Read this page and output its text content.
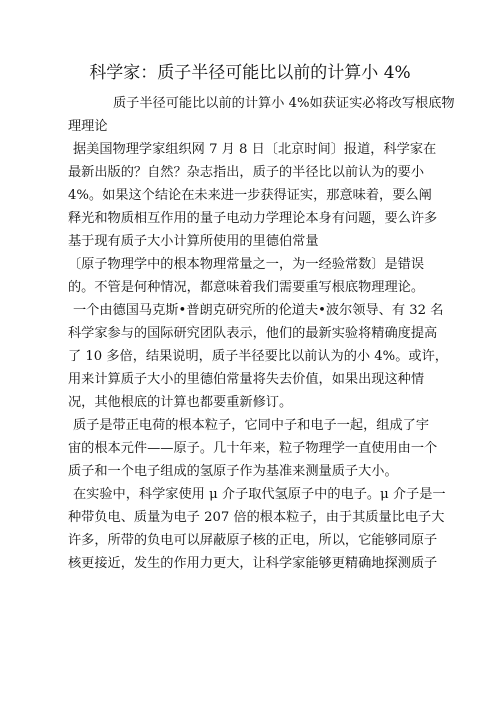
科学家：质子半径可能比以前的计算小 4%
质子半径可能比以前的计算小 4%如获证实必将改写根底物
理理论
据美国物理学家组织网 7 月 8 日〔北京时间〕报道，科学家在
最新出版的？自然？杂志指出，质子的半径比以前认为的要小
4%。如果这个结论在未来进一步获得证实，那意味着，要么阐
释光和物质相互作用的量子电动力学理论本身有问题，要么许多
基于现有质子大小计算所使用的里德伯常量
〔原子物理学中的根本物理常量之一，为一经验常数〕是错误
的。不管是何种情况，都意味着我们需要重写根底物理理论。
一个由德国马克斯•普朗克研究所的伦道夫•波尔领导、有 32 名
科学家参与的国际研究团队表示，他们的最新实验将精确度提高
了 10 多倍，结果说明，质子半径要比以前认为的小 4%。或许，
用来计算质子大小的里德伯常量将失去价值，如果出现这种情
况，其他根底的计算也都要重新修订。
质子是带正电荷的根本粒子，它同中子和电子一起，组成了宇
宙的根本元件——原子。几十年来，粒子物理学一直使用由一个
质子和一个电子组成的氢原子作为基准来测量质子大小。
在实验中，科学家使用 μ 介子取代氢原子中的电子。μ 介子是一
种带负电、质量为电子 207 倍的根本粒子，由于其质量比电子大
许多，所带的负电可以屏蔽原子核的正电，所以，它能够同原子
核更接近，发生的作用力更大，让科学家能够更精确地探测质子
